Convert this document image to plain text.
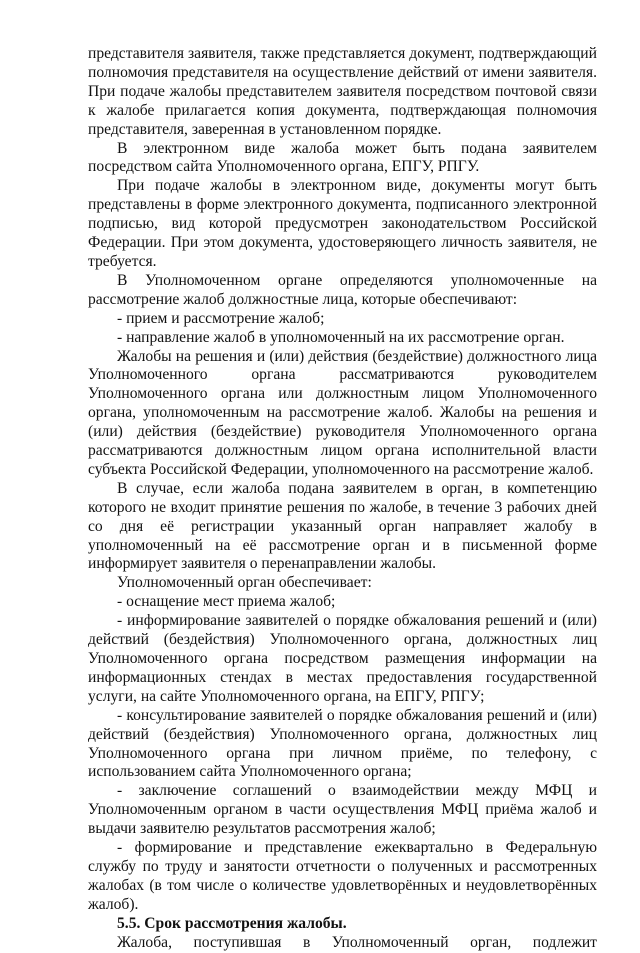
представителя заявителя, также представляется документ, подтверждающий полномочия представителя на осуществление действий от имени заявителя. При подаче жалобы представителем заявителя посредством почтовой связи к жалобе прилагается копия документа, подтверждающая полномочия представителя, заверенная в установленном порядке.

В электронном виде жалоба может быть подана заявителем посредством сайта Уполномоченного органа, ЕПГУ, РПГУ.

При подаче жалобы в электронном виде, документы могут быть представлены в форме электронного документа, подписанного электронной подписью, вид которой предусмотрен законодательством Российской Федерации. При этом документа, удостоверяющего личность заявителя, не требуется.

В Уполномоченном органе определяются уполномоченные на рассмотрение жалоб должностные лица, которые обеспечивают:

- прием и рассмотрение жалоб;

- направление жалоб в уполномоченный на их рассмотрение орган.

Жалобы на решения и (или) действия (бездействие) должностного лица Уполномоченного органа рассматриваются руководителем Уполномоченного органа или должностным лицом Уполномоченного органа, уполномоченным на рассмотрение жалоб. Жалобы на решения и (или) действия (бездействие) руководителя Уполномоченного органа рассматриваются должностным лицом органа исполнительной власти субъекта Российской Федерации, уполномоченного на рассмотрение жалоб.

В случае, если жалоба подана заявителем в орган, в компетенцию которого не входит принятие решения по жалобе, в течение 3 рабочих дней со дня её регистрации указанный орган направляет жалобу в уполномоченный на её рассмотрение орган и в письменной форме информирует заявителя о перенаправлении жалобы.

Уполномоченный орган обеспечивает:

- оснащение мест приема жалоб;

- информирование заявителей о порядке обжалования решений и (или) действий (бездействия) Уполномоченного органа, должностных лиц Уполномоченного органа посредством размещения информации на информационных стендах в местах предоставления государственной услуги, на сайте Уполномоченного органа, на ЕПГУ, РПГУ;

- консультирование заявителей о порядке обжалования решений и (или) действий (бездействия) Уполномоченного органа, должностных лиц Уполномоченного органа при личном приёме, по телефону, с использованием сайта Уполномоченного органа;

- заключение соглашений о взаимодействии между МФЦ и Уполномоченным органом в части осуществления МФЦ приёма жалоб и выдачи заявителю результатов рассмотрения жалоб;

- формирование и представление ежеквартально в Федеральную службу по труду и занятости отчетности о полученных и рассмотренных жалобах (в том числе о количестве удовлетворённых и неудовлетворённых жалоб).

5.5. Срок рассмотрения жалобы.

Жалоба, поступившая в Уполномоченный орган, подлежит
